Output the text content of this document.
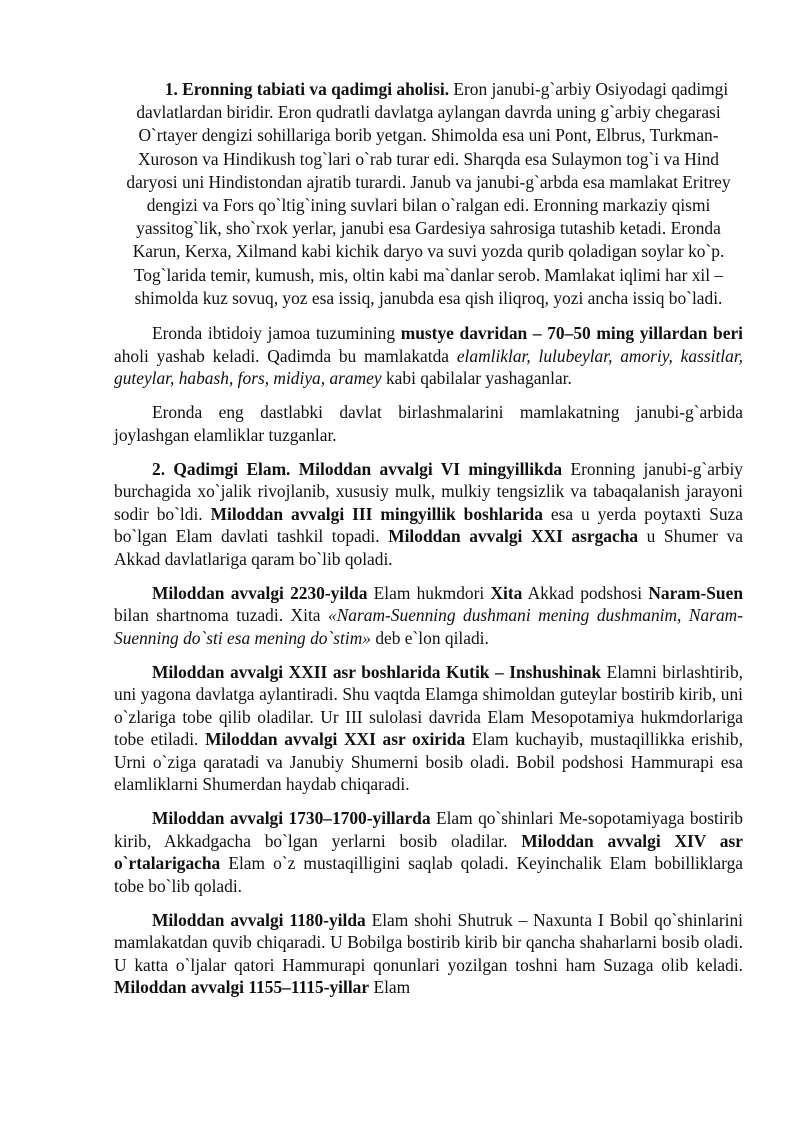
1. Eronning tabiati va qadimgi aholisi. Eron janubi-g`arbiy Osiyodagi qadimgi davlatlardan biridir. Eron qudratli davlatga aylangan davrda uning g`arbiy chegarasi O`rtayer dengizi sohillariga borib yetgan. Shimolda esa uni Pont, Elbrus, Turkman-Xuroson va Hindikush tog`lari o`rab turar edi. Sharqda esa Sulaymon tog`i va Hind daryosi uni Hindistondan ajratib turardi. Janub va janubi-g`arbda esa mamlakat Eritrey dengizi va Fors qo`ltig`ining suvlari bilan o`ralgan edi. Eronning markaziy qismi yassitog`lik, sho`rxok yerlar, janubi esa Gardesiya sahrosiga tutashib ketadi. Eronda Karun, Kerxa, Xilmand kabi kichik daryo va suvi yozda qurib qoladigan soylar ko`p. Tog`larida temir, kumush, mis, oltin kabi ma`danlar serob. Mamlakat iqlimi har xil – shimolda kuz sovuq, yoz esa issiq, janubda esa qish iliqroq, yozi ancha issiq bo`ladi.

Eronda ibtidoiy jamoa tuzumining mustye davridan – 70–50 ming yillardan beri aholi yashab keladi. Qadimda bu mamlakatda elamliklar, lulubeylar, amoriy, kassitlar, guteylar, habash, fors, midiya, aramey kabi qabilalar yashaganlar.

Eronda eng dastlabki davlat birlashmalarini mamlakatning janubi-g`arbida joylashgan elamliklar tuzganlar.

2. Qadimgi Elam. Miloddan avvalgi VI mingyillikda Eronning janubi-g`arbiy burchagida xo`jalik rivojlanib, xususiy mulk, mulkiy tengsizlik va tabaqalanish jarayoni sodir bo`ldi. Miloddan avvalgi III mingyillik boshlarida esa u yerda poytaxti Suza bo`lgan Elam davlati tashkil topadi. Miloddan avvalgi XXI asrgacha u Shumer va Akkad davlatlariga qaram bo`lib qoladi.

Miloddan avvalgi 2230-yilda Elam hukmdori Xita Akkad podshosi Naram-Suen bilan shartnoma tuzadi. Xita «Naram-Suenning dushmani mening dushmanim, Naram-Suenning do`sti esa mening do`stim» deb e`lon qiladi.

Miloddan avvalgi XXII asr boshlarida Kutik – Inshushinak Elamni birlashtirib, uni yagona davlatga aylantiradi. Shu vaqtda Elamga shimoldan guteylar bostirib kirib, uni o`zlariga tobe qilib oladilar. Ur III sulolasi davrida Elam Mesopotamiya hukmdorlariga tobe etiladi. Miloddan avvalgi XXI asr oxirida Elam kuchayib, mustaqillikka erishib, Urni o`ziga qaratadi va Janubiy Shumerni bosib oladi. Bobil podshosi Hammurapi esa elamliklarni Shumerdan haydab chiqaradi.

Miloddan avvalgi 1730–1700-yillarda Elam qo`shinlari Me-sopotamiyaga bostirib kirib, Akkadgacha bo`lgan yerlarni bosib oladilar. Miloddan avvalgi XIV asr o`rtalarigacha Elam o`z mustaqilligini saqlab qoladi. Keyinchalik Elam bobilliklarga tobe bo`lib qoladi.

Miloddan avvalgi 1180-yilda Elam shohi Shutruk – Naxunta I Bobil qo`shinlarini mamlakatdan quvib chiqaradi. U Bobilga bostirib kirib bir qancha shaharlarni bosib oladi. U katta o`ljalar qatori Hammurapi qonunlari yozilgan toshni ham Suzaga olib keladi. Miloddan avvalgi 1155–1115-yillar Elam
